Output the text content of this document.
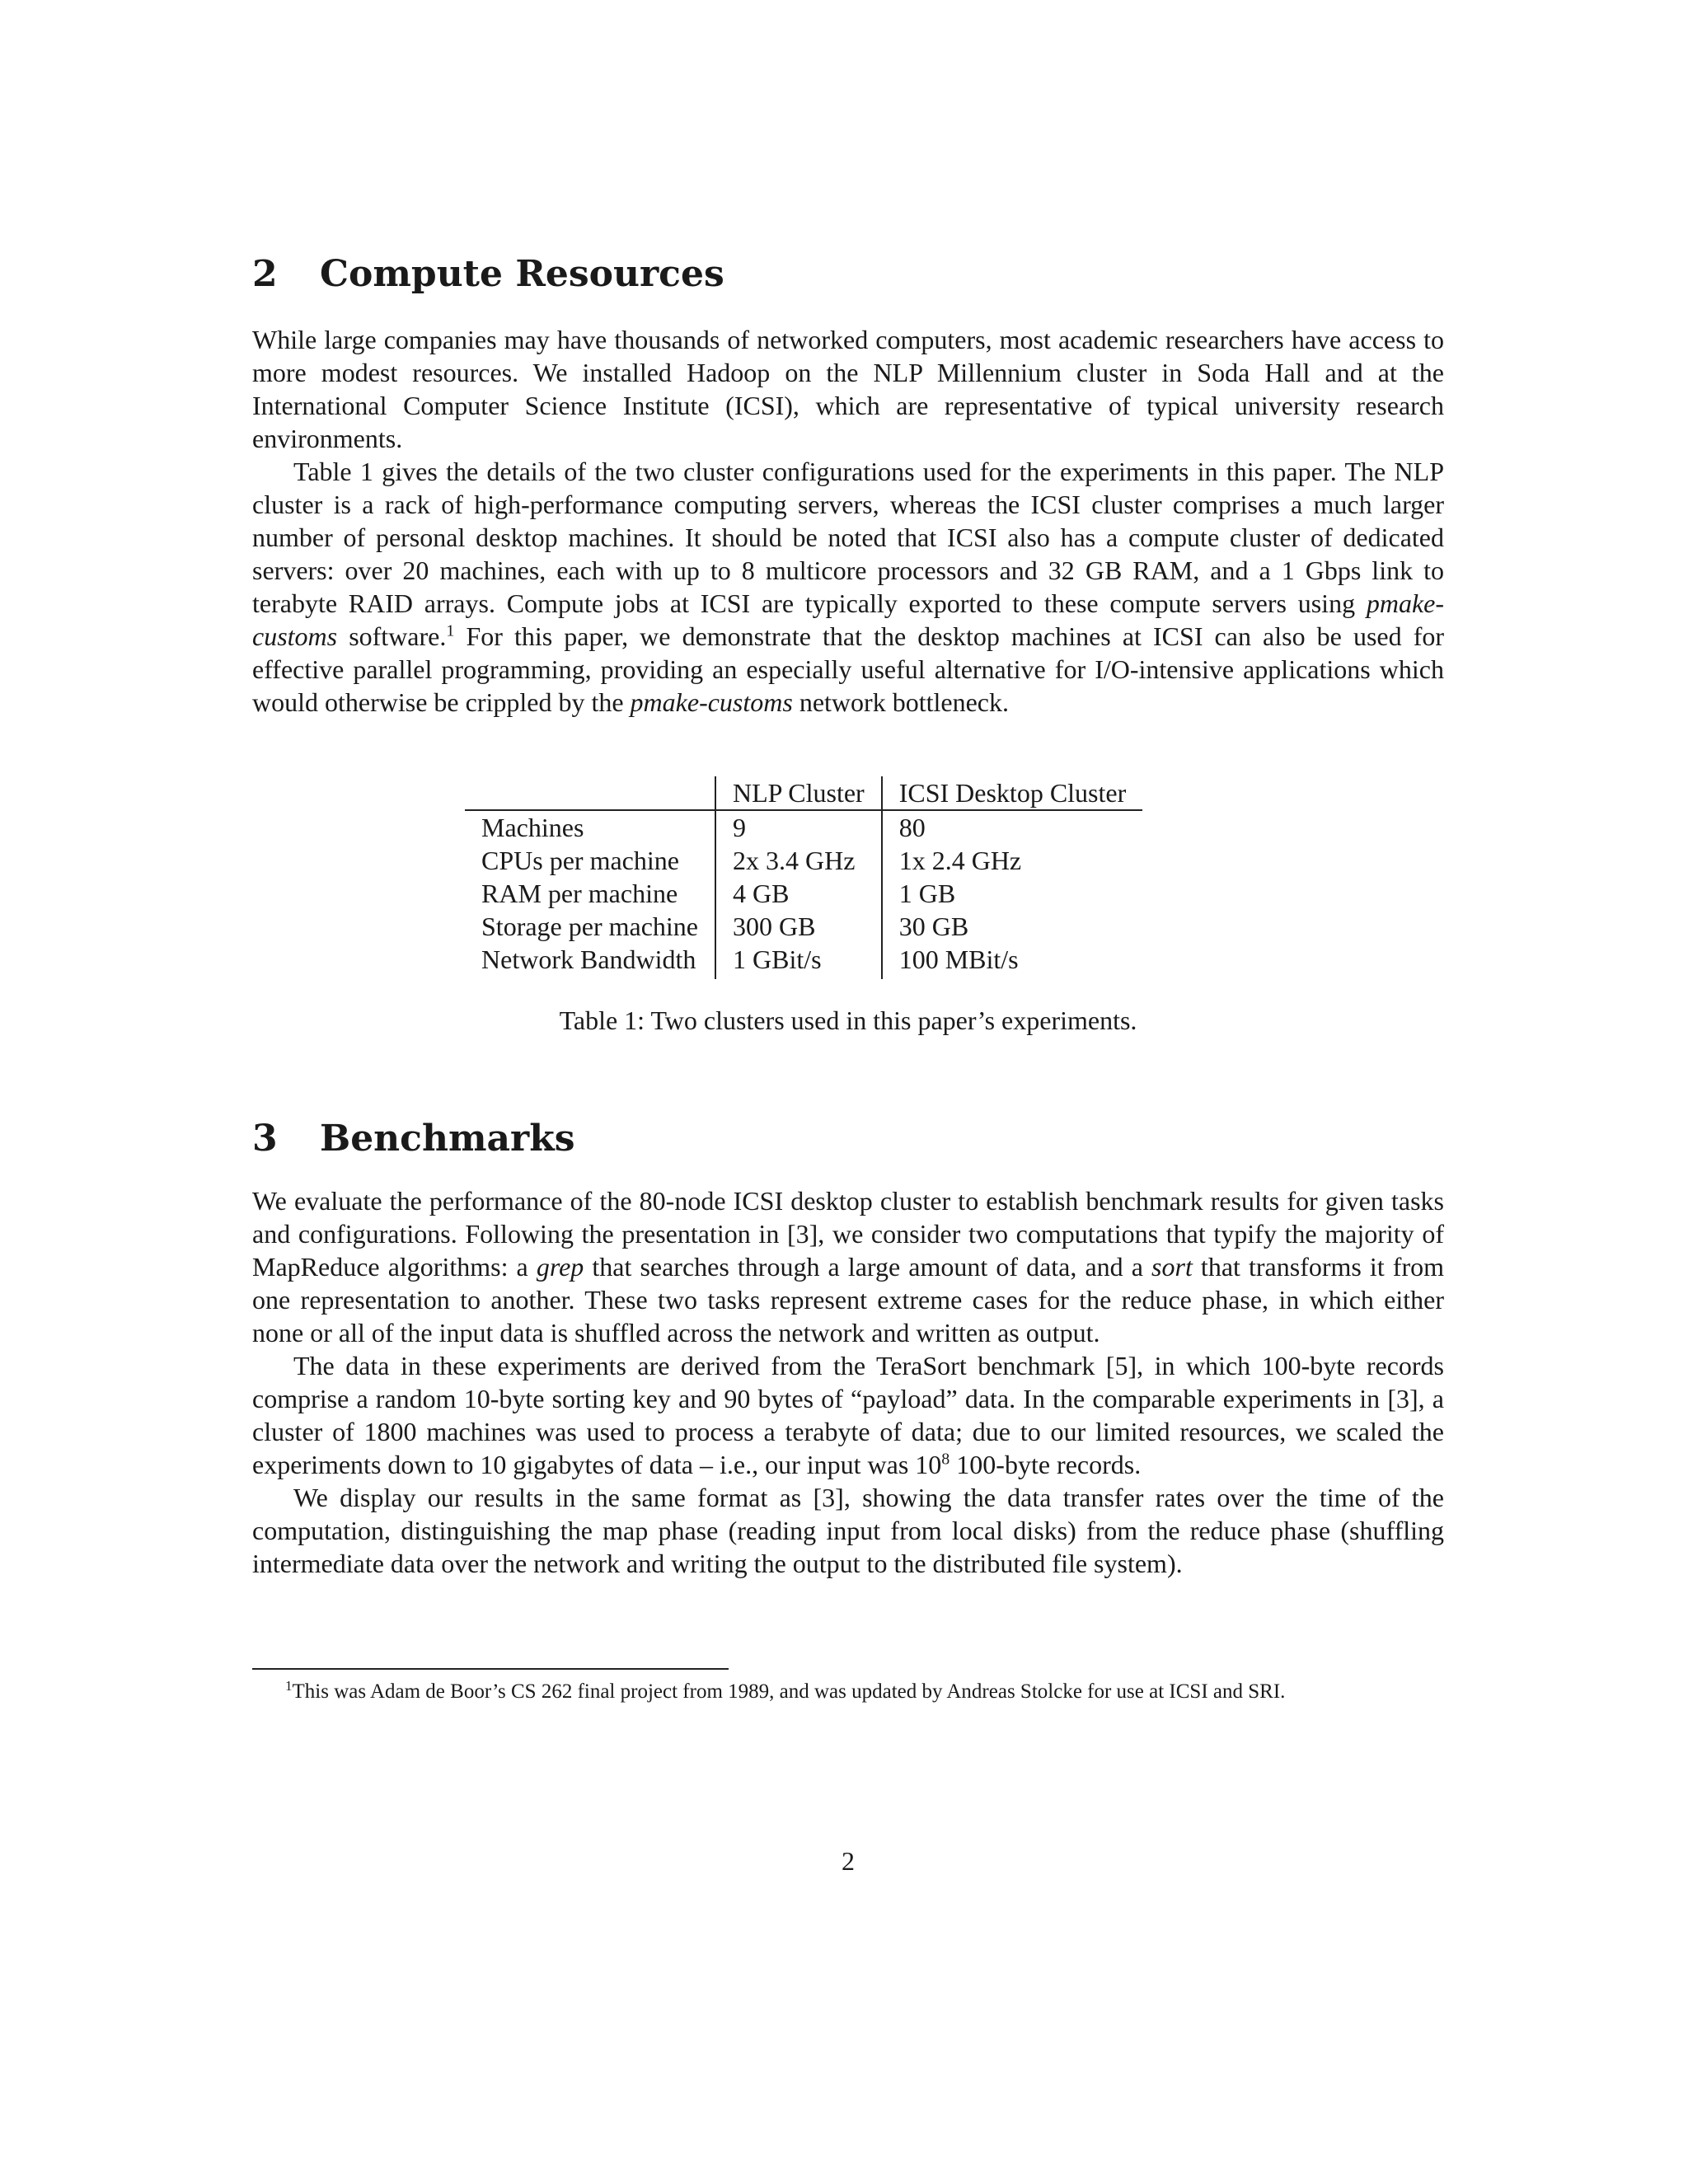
2 Compute Resources

While large companies may have thousands of networked computers, most academic researchers have access to more modest resources. We installed Hadoop on the NLP Millennium cluster in Soda Hall and at the International Computer Science Institute (ICSI), which are representative of typical university research environments.

Table 1 gives the details of the two cluster configurations used for the experiments in this paper. The NLP cluster is a rack of high-performance computing servers, whereas the ICSI cluster comprises a much larger number of personal desktop machines. It should be noted that ICSI also has a compute cluster of dedicated servers: over 20 machines, each with up to 8 multicore processors and 32 GB RAM, and a 1 Gbps link to terabyte RAID arrays. Compute jobs at ICSI are typically exported to these compute servers using pmake-customs software.$^1$ For this paper, we demonstrate that the desktop machines at ICSI can also be used for effective parallel programming, providing an especially useful alternative for I/O-intensive applications which would otherwise be crippled by the pmake-customs network bottleneck.

	NLP Cluster	ICSI Desktop Cluster
Machines	9	80
CPUs per machine	2x 3.4 GHz	1x 2.4 GHz
RAM per machine	4 GB	1 GB
Storage per machine	300 GB	30 GB
Network Bandwidth	1 GBit/s	100 MBit/s
Table 1: Two clusters used in this paper’s experiments.
3 Benchmarks

We evaluate the performance of the 80-node ICSI desktop cluster to establish benchmark results for given tasks and configurations. Following the presentation in [3], we consider two computations that typify the majority of MapReduce algorithms: a grep that searches through a large amount of data, and a sort that transforms it from one representation to another. These two tasks represent extreme cases for the reduce phase, in which either none or all of the input data is shuffled across the network and written as output.

The data in these experiments are derived from the TeraSort benchmark [5], in which 100-byte records comprise a random 10-byte sorting key and 90 bytes of “payload” data. In the comparable experiments in [3], a cluster of 1800 machines was used to process a terabyte of data; due to our limited resources, we scaled the experiments down to 10 gigabytes of data – i.e., our input was $10^8$ 100-byte records.

We display our results in the same format as [3], showing the data transfer rates over the time of the computation, distinguishing the map phase (reading input from local disks) from the reduce phase (shuffling intermediate data over the network and writing the output to the distributed file system).

1This was Adam de Boor’s CS 262 final project from 1989, and was updated by Andreas Stolcke for use at ICSI and SRI.
2
